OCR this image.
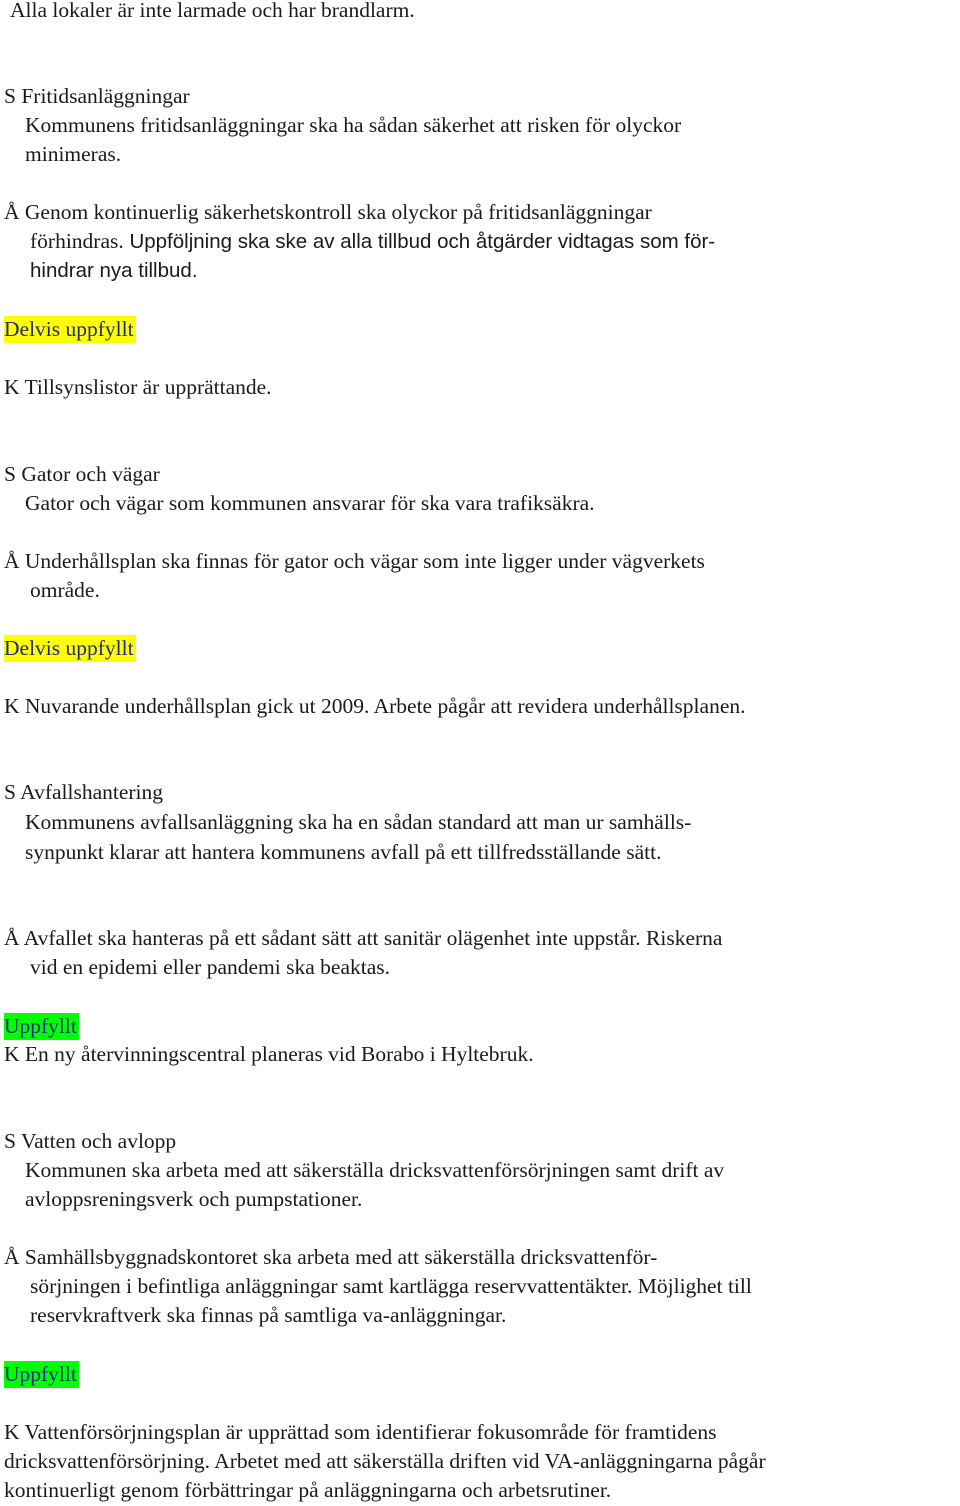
Alla lokaler är inte larmade och har brandlarm.
S Fritidsanläggningar
Kommunens fritidsanläggningar ska ha sådan säkerhet att risken för olyckor
minimeras.
Å Genom kontinuerlig säkerhetskontroll ska olyckor på fritidsanläggningar
förhindras. Uppföljning ska ske av alla tillbud och åtgärder vidtagas som för-
hindrar nya tillbud.
Delvis uppfyllt
K Tillsynslistor är upprättande.
S Gator och vägar
Gator och vägar som kommunen ansvarar för ska vara trafiksäkra.
Å Underhållsplan ska finnas för gator och vägar som inte ligger under vägverkets
område.
Delvis uppfyllt
K Nuvarande underhållsplan gick ut 2009. Arbete pågår att revidera underhållsplanen.
S Avfallshantering
Kommunens avfallsanläggning ska ha en sådan standard att man ur samhälls-
synpunkt klarar att hantera kommunens avfall på ett tillfredsställande sätt.
Å Avfallet ska hanteras på ett sådant sätt att sanitär olägenhet inte uppstår. Riskerna
vid en epidemi eller pandemi ska beaktas.
Uppfyllt
K En ny återvinningscentral planeras vid Borabo i Hyltebruk.
S Vatten och avlopp
Kommunen ska arbeta med att säkerställa dricksvattenförsörjningen samt drift av
avloppsreningsverk och pumpstationer.
Å Samhällsbyggnadskontoret ska arbeta med att säkerställa dricksvattenför-
sörjningen i befintliga anläggningar samt kartlägga reservvattentäkter. Möjlighet till
reservkraftverk ska finnas på samtliga va-anläggningar.
Uppfyllt
K Vattenförsörjningsplan är upprättad som identifierar fokusområde för framtidens
dricksvattenförsörjning. Arbetet med att säkerställa driften vid VA-anläggningarna pågår
kontinuerligt genom förbättringar på anläggningarna och arbetsrutiner.
